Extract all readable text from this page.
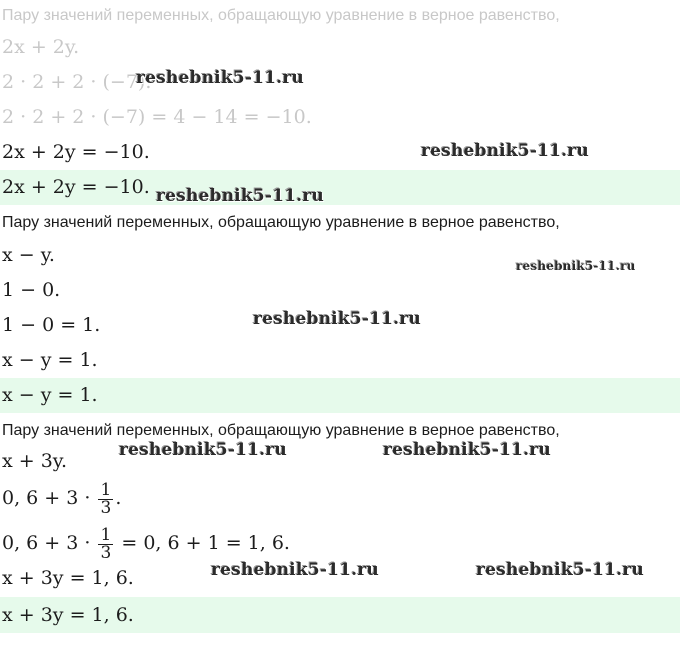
Пару значений переменных, обращающую уравнение в верное равенство,
2x + 2y.
2 · 2 + 2 · (−7).
2 · 2 + 2 · (−7) = 4 − 14 = −10.
2x + 2y = −10.
2x + 2y = −10.
Пару значений переменных, обращающую уравнение в верное равенство,
x − y.
1 − 0.
1 − 0 = 1.
x − y = 1.
x − y = 1.
Пару значений переменных, обращающую уравнение в верное равенство,
x + 3y.
0, $6 + 3 \cdot \frac{1}{3}$ .
0, $6 + 3 \cdot \frac{1}{3} = 0$, 6 + 1 = 1, 6.
x + 3y = 1, 6.
x + 3y = 1, 6.
reshebnik5-11.ru
reshebnik5-11.ru
reshebnik5-11.ru
reshebnik5-11.ru
reshebnik5-11.ru
reshebnik5-11.ru	reshebnik5-11.ru
reshebnik5-11.ru	reshebnik5-11.ru
